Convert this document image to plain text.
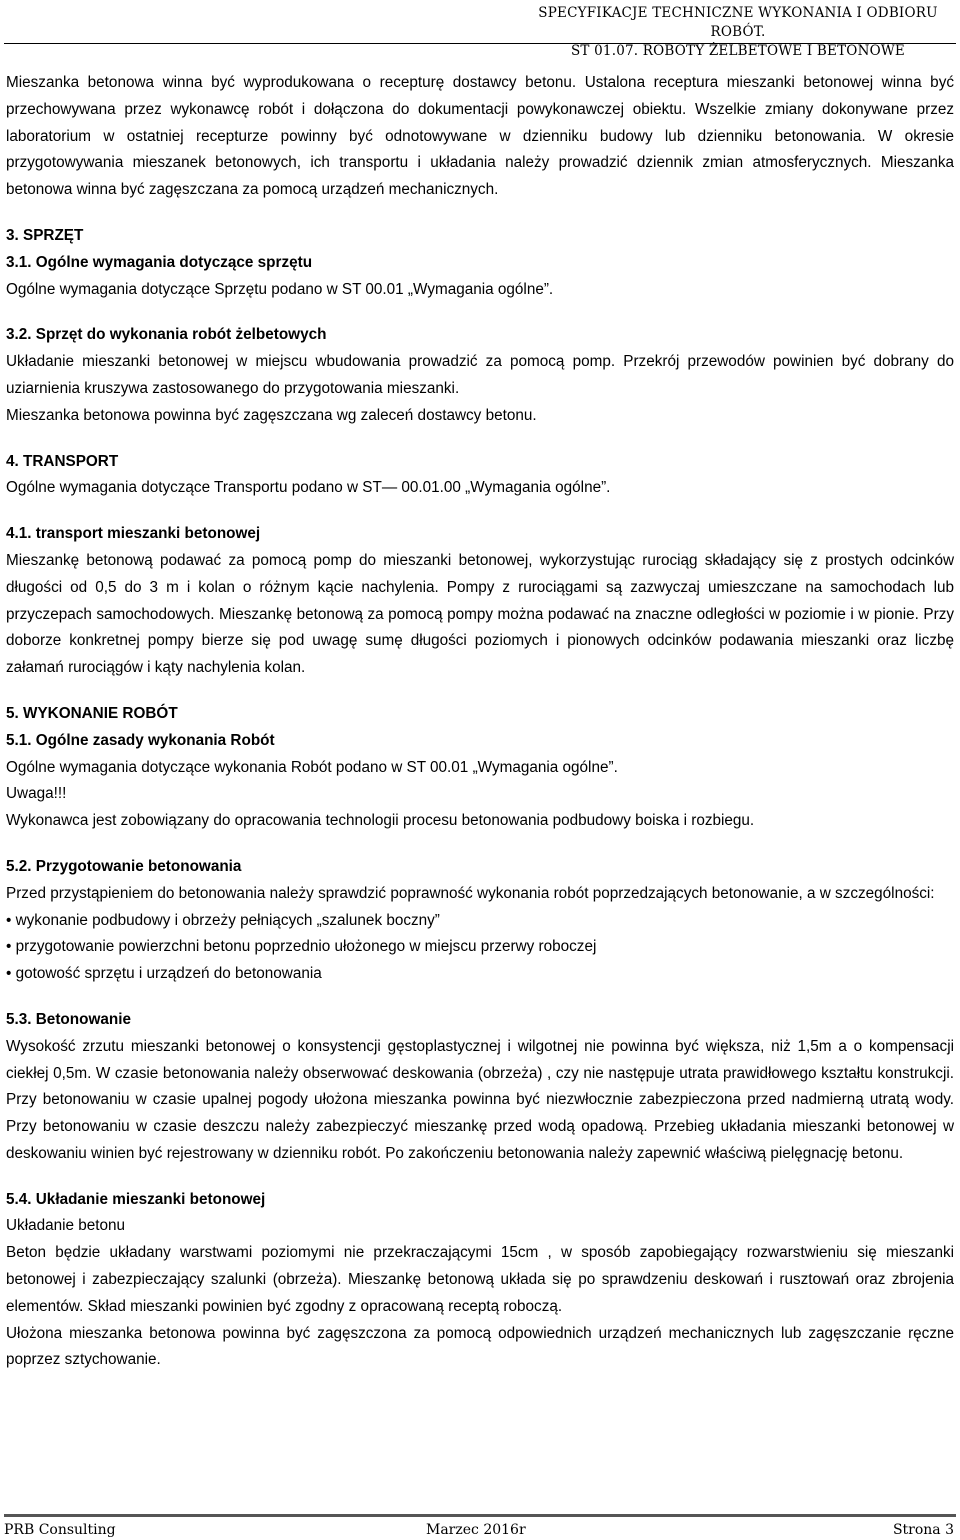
SPECYFIKACJE TECHNICZNE WYKONANIA I ODBIORU ROBÓT.
ST 01.07. ROBOTY ŻELBETOWE I BETONOWE

Mieszanka betonowa winna być wyprodukowana o recepturę dostawcy betonu. Ustalona receptura mieszanki betonowej winna być przechowywana przez wykonawcę robót i dołączona do dokumentacji powykonawczej obiektu. Wszelkie zmiany dokonywane przez laboratorium w ostatniej recepturze powinny być odnotowywane w dzienniku budowy lub dzienniku betonowania. W okresie przygotowywania mieszanek betonowych, ich transportu i układania należy prowadzić dziennik zmian atmosferycznych. Mieszanka betonowa winna być zagęszczana za pomocą urządzeń mechanicznych.

3. SPRZĘT

3.1. Ogólne wymagania dotyczące sprzętu

Ogólne wymagania dotyczące Sprzętu podano w ST 00.01 „Wymagania ogólne”.

3.2. Sprzęt do wykonania robót żelbetowych

Układanie mieszanki betonowej w miejscu wbudowania prowadzić za pomocą pomp. Przekrój przewodów powinien być dobrany do uziarnienia kruszywa zastosowanego do przygotowania mieszanki.

Mieszanka betonowa powinna być zagęszczana wg zaleceń dostawcy betonu.

4. TRANSPORT

Ogólne wymagania dotyczące Transportu podano w ST— 00.01.00 „Wymagania ogólne”.

4.1. transport mieszanki betonowej

Mieszankę betonową podawać za pomocą pomp do mieszanki betonowej, wykorzystując rurociąg składający się z prostych odcinków długości od 0,5 do 3 m i kolan o różnym kącie nachylenia. Pompy z rurociągami są zazwyczaj umieszczane na samochodach lub przyczepach samochodowych. Mieszankę betonową za pomocą pompy można podawać na znaczne odległości w poziomie i w pionie. Przy doborze konkretnej pompy bierze się pod uwagę sumę długości poziomych i pionowych odcinków podawania mieszanki oraz liczbę załamań rurociągów i kąty nachylenia kolan.

5. WYKONANIE ROBÓT

5.1. Ogólne zasady wykonania Robót

Ogólne wymagania dotyczące wykonania Robót podano w ST 00.01 „Wymagania ogólne”.

Uwaga!!!

Wykonawca jest zobowiązany do opracowania technologii procesu betonowania podbudowy boiska i rozbiegu.

5.2. Przygotowanie betonowania

Przed przystąpieniem do betonowania należy sprawdzić poprawność wykonania robót poprzedzających betonowanie, a w szczególności:

• wykonanie podbudowy i obrzeży pełniących „szalunek boczny”

• przygotowanie powierzchni betonu poprzednio ułożonego w miejscu przerwy roboczej

• gotowość sprzętu i urządzeń do betonowania

5.3. Betonowanie

Wysokość zrzutu mieszanki betonowej o konsystencji gęstoplastycznej i wilgotnej nie powinna być większa, niż 1,5m a o kompensacji ciekłej 0,5m. W czasie betonowania należy obserwować deskowania (obrzeża) , czy nie następuje utrata prawidłowego kształtu konstrukcji. Przy betonowaniu w czasie upalnej pogody ułożona mieszanka powinna być niezwłocznie zabezpieczona przed nadmierną utratą wody. Przy betonowaniu w czasie deszczu należy zabezpieczyć mieszankę przed wodą opadową. Przebieg układania mieszanki betonowej w deskowaniu winien być rejestrowany w dzienniku robót. Po zakończeniu betonowania należy zapewnić właściwą pielęgnację betonu.

5.4. Układanie mieszanki betonowej

Układanie betonu

Beton będzie układany warstwami poziomymi nie przekraczającymi 15cm , w sposób zapobiegający rozwarstwieniu się mieszanki betonowej i zabezpieczający szalunki (obrzeża). Mieszankę betonową układa się po sprawdzeniu deskowań i rusztowań oraz zbrojenia elementów. Skład mieszanki powinien być zgodny z opracowaną receptą roboczą.

Ułożona mieszanka betonowa powinna być zagęszczona za pomocą odpowiednich urządzeń mechanicznych lub zagęszczanie ręczne poprzez sztychowanie.

PRB Consulting	Marzec 2016r	Strona 3
